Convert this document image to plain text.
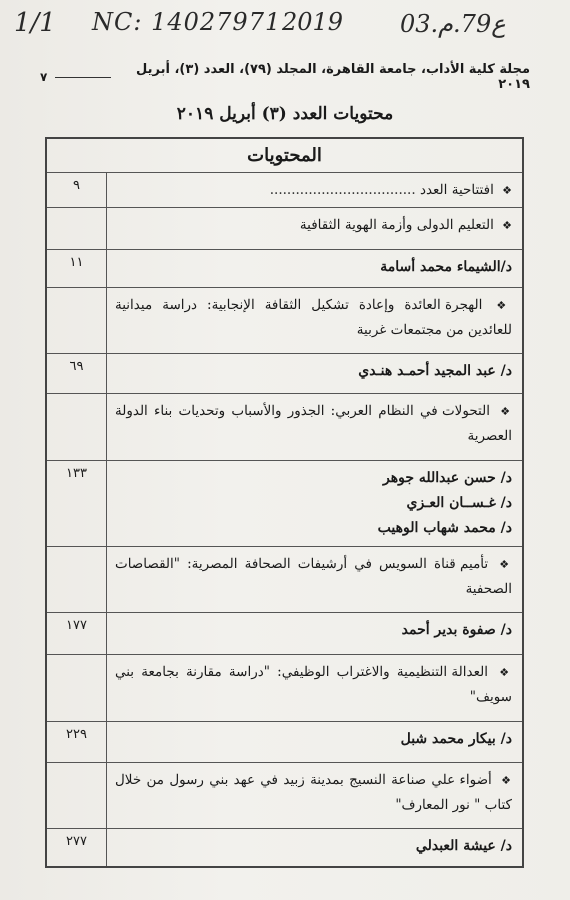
1/1 NC: 14027971 2019 03.ع79.م
مجلة كلية الأداب، جامعة القاهرة، المجلد (٧٩)، العدد (٣)، أبريل ٢٠١٩
٧
محتويات العدد (٣) أبريل ٢٠١٩
المحتويات	

❖ افتتاحية العدد ..................................	٩

❖ التعليم الدولى وأزمة الهوية الثقافية	

د/الشيماء محمد أسامة	١١

❖ الهجرة العائدة وإعادة تشكيل الثقافة الإنجابية: دراسة ميدانية للعائدين من مجتمعات غربية	

د/ عبد المجيد أحمـد هنـدي	٦٩

❖ التحولات في النظام العربي: الجذور والأسباب وتحديات بناء الدولة العصرية	

د/ حسن عبدالله جوهر
د/ غـســان العـزي
د/ محمد شهاب الوهيب	١٣٣

❖ تأميم قناة السويس في أرشيفات الصحافة المصرية: "القصاصات الصحفية	

د/ صفوة بدير أحمد	١٧٧

❖ العدالة التنظيمية والاغتراب الوظيفي: "دراسة مقارنة بجامعة بني سويف"	

د/ بيكار محمد شبل	٢٢٩

❖ أضواء علي صناعة النسيج بمدينة زبيد في عهد بني رسول من خلال كتاب " نور المعارف"	

د/ عيشة العبدلي	٢٧٧
